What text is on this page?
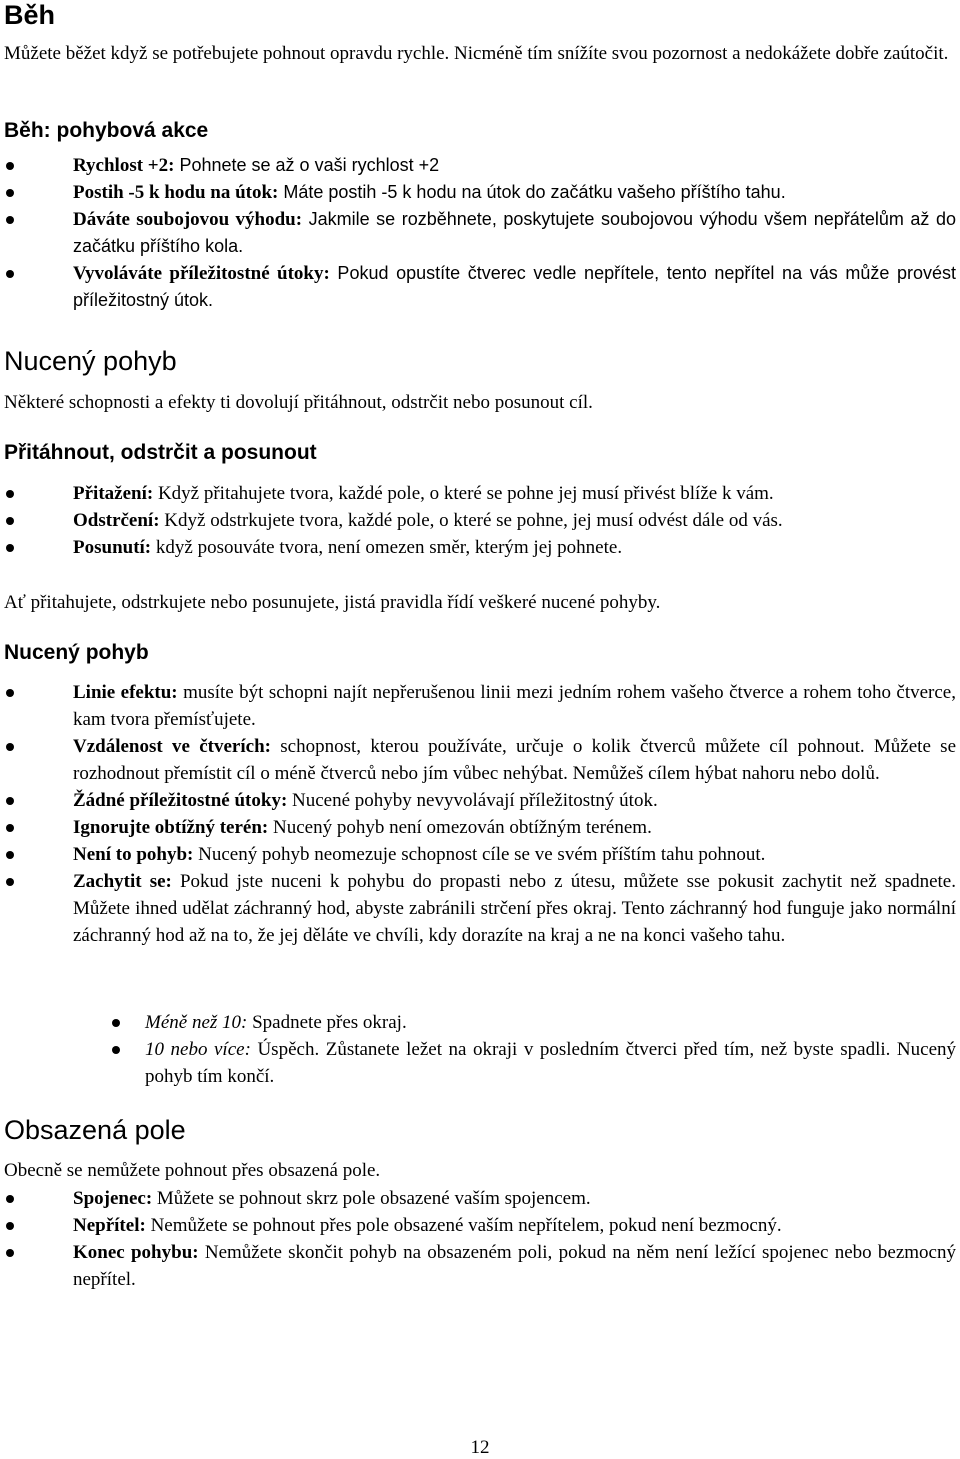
Běh

Můžete běžet když se potřebujete pohnout opravdu rychle. Nicméně tím snížíte svou pozornost a nedokážete dobře zaútočit.

Běh: pohybová akce
Rychlost +2: Pohnete se až o vaši rychlost +2
Postih -5 k hodu na útok: Máte postih -5 k hodu na útok do začátku vašeho příštího tahu.
Dáváte soubojovou výhodu: Jakmile se rozběhnete, poskytujete soubojovou výhodu všem nepřátelům až do začátku příštího kola.
Vyvoláváte příležitostné útoky: Pokud opustíte čtverec vedle nepřítele, tento nepřítel na vás může provést příležitostný útok.
Nucený pohyb

Některé schopnosti a efekty ti dovolují přitáhnout, odstrčit nebo posunout cíl.

Přitáhnout, odstrčit a posunout
Přitažení: Když přitahujete tvora, každé pole, o které se pohne jej musí přivést blíže k vám.
Odstrčení: Když odstrkujete tvora, každé pole, o které se pohne, jej musí odvést dále od vás.
Posunutí: když posouváte tvora, není omezen směr, kterým jej pohnete.

Ať přitahujete, odstrkujete nebo posunujete, jistá pravidla řídí veškeré nucené pohyby.

Nucený pohyb
Linie efektu: musíte být schopni najít nepřerušenou linii mezi jedním rohem vašeho čtverce a rohem toho čtverce, kam tvora přemísťujete.
Vzdálenost ve čtverích: schopnost, kterou používáte, určuje o kolik čtverců můžete cíl pohnout. Můžete se rozhodnout přemístit cíl o méně čtverců nebo jím vůbec nehýbat. Nemůžeš cílem hýbat nahoru nebo dolů.
Žádné příležitostné útoky: Nucené pohyby nevyvolávají příležitostný útok.
Ignorujte obtížný terén: Nucený pohyb není omezován obtížným terénem.
Není to pohyb: Nucený pohyb neomezuje schopnost cíle se ve svém příštím tahu pohnout.
Zachytit se: Pokud jste nuceni k pohybu do propasti nebo z útesu, můžete sse pokusit zachytit než spadnete. Můžete ihned udělat záchranný hod, abyste zabránili strčení přes okraj. Tento záchranný hod funguje jako normální záchranný hod až na to, že jej děláte ve chvíli, kdy dorazíte na kraj a ne na konci vašeho tahu.
Méně než 10: Spadnete přes okraj.
10 nebo více: Úspěch. Zůstanete ležet na okraji v posledním čtverci před tím, než byste spadli. Nucený pohyb tím končí.
Obsazená pole

Obecně se nemůžete pohnout přes obsazená pole.

Spojenec: Můžete se pohnout skrz pole obsazené vaším spojencem.
Nepřítel: Nemůžete se pohnout přes pole obsazené vaším nepřítelem, pokud není bezmocný.
Konec pohybu: Nemůžete skončit pohyb na obsazeném poli, pokud na něm není ležící spojenec nebo bezmocný nepřítel.
12
